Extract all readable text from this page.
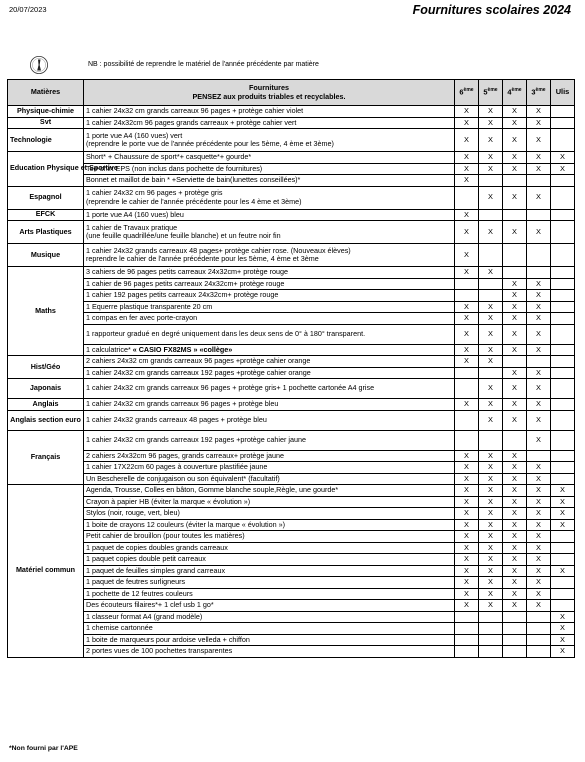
20/07/2023	Fournitures scolaires 2024
NB : possibilité de reprendre le matériel de l'année précédente par matière
Matières	Fournitures
PENSEZ aux produits triables et recyclables.	6ème	5ème	4ème	3ème	Ulis
Physique-chimie	1 cahier 24x32 cm grands carreaux 96 pages + protège cahier violet	X	X	X	X	
Svt	1 cahier 24x32cm 96 pages grands carreaux + protège cahier vert	X	X	X	X	
Technologie	1 porte vue A4 (160 vues) vert
(reprendre le porte vue de l'année précédente pour les 5ème, 4 ème et 3ème)	X	X	X	X	
Education Physique et Sportive	Short* + Chaussure de sport*+ casquette*+ gourde*	X	X	X	X	X
	Tee-shirt EPS (non inclus dans pochette de fournitures)	X	X	X	X	X
	Bonnet et maillot de bain * +Serviette de bain(lunettes conseillées)*	X				
Espagnol	1 cahier 24x32 cm 96 pages + protège gris
(reprendre le cahier de l'année précédente pour les 4 ème et 3ème)		X	X	X	
EFCK	1 porte vue A4 (160 vues) bleu	X				
Arts Plastiques	1 cahier de Travaux pratique
(une feuille quadrillée/une feuille blanche) et un feutre noir fin	X	X	X	X	
Musique	1 cahier 24x32 grands carreaux 48 pages+ protège cahier rose. (Nouveaux élèves)
reprendre le cahier de l'année précédente pour les 5ème, 4 ème et 3ème	X				
Maths	3 cahiers de 96 pages petits carreaux 24x32cm+ protège rouge	X	X			
	1 cahier de 96 pages petits carreaux 24x32cm+ protège rouge			X	X	
	1 cahier 192 pages petits carreaux 24x32cm+ protège rouge			X	X	
	1 Equerre plastique transparente 20 cm	X	X	X	X	
	1 compas en fer avec porte-crayon	X	X	X	X	
	1 rapporteur gradué en degré uniquement dans les deux sens de 0° à 180° transparent.	X	X	X	X	
	1 calculatrice* « CASIO FX82MS » «collège»	X	X	X	X	
Hist/Géo	2 cahiers 24x32 cm grands carreaux 96 pages +protège cahier orange	X	X			
	1 cahier 24x32 cm grands carreaux 192 pages +protège cahier orange			X	X	
Japonais	1 cahier 24x32 cm grands carreaux 96 pages + protège gris+ 1 pochette cartonée A4 grise		X	X	X	
Anglais	1 cahier 24x32 cm grands carreaux 96 pages + protège bleu	X	X	X	X	
Anglais section euro	1 cahier 24x32 grands carreaux 48 pages + protège bleu		X	X	X	
Français	1 cahier 24x32 cm grands carreaux 192 pages +protège cahier jaune				X	
	2 cahiers 24x32cm 96 pages, grands carreaux+ protège jaune	X	X	X		
	1 cahier 17X22cm 60 pages à couverture plastifiée jaune	X	X	X	X	
	Un Bescherelle de conjugaison ou son équivalent* (facultatif)	X	X	X	X	
Matériel commun	Agenda, Trousse, Colles en bâton, Gomme blanche souple,Règle, une gourde*	X	X	X	X	X
	Crayon à papier HB (éviter la marque « évolution »)	X	X	X	X	X
	Stylos (noir, rouge, vert, bleu)	X	X	X	X	X
	1 boite de crayons 12 couleurs (éviter la marque « évolution »)	X	X	X	X	X
	Petit cahier de brouillon (pour toutes les matières)	X	X	X	X	
	1 paquet de copies doubles grands carreaux	X	X	X	X	
	1 paquet copies double petit carreaux	X	X	X	X	
	1 paquet de feuilles simples grand carreaux	X	X	X	X	X
	1 paquet de feutres surligneurs	X	X	X	X	
	1 pochette de 12 feutres couleurs	X	X	X	X	
	Des écouteurs filaires*+ 1 clef usb 1 go*	X	X	X	X	
	1 classeur format A4 (grand modèle)					X
	1 chemise cartonnée					X
	1 boite de marqueurs pour ardoise velleda + chiffon					X
	2 portes vues de 100 pochettes transparentes					X
*Non fourni par l'APE
